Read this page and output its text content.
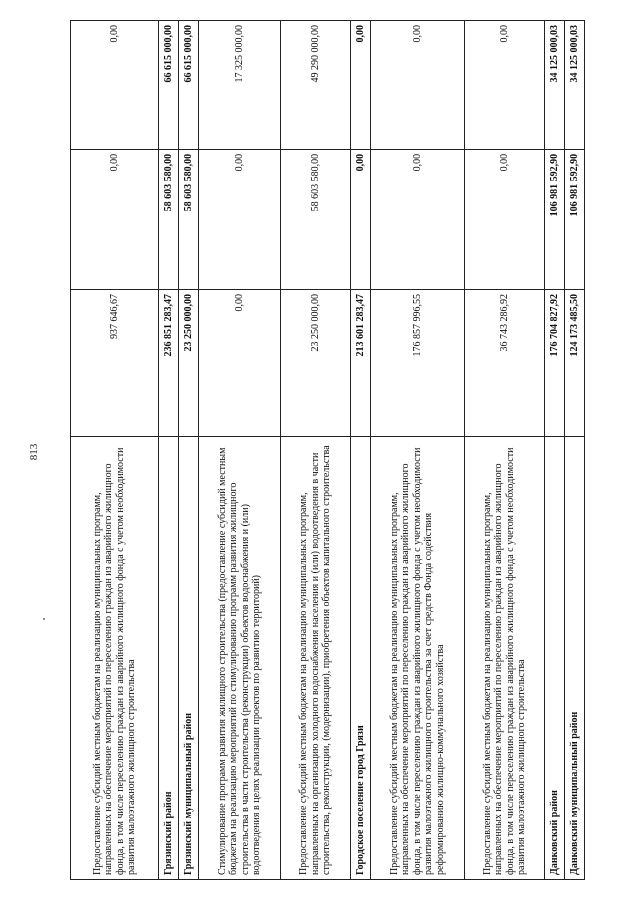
813
Предоставление субсидий местным бюджетам на реализацию муниципальных программ, направленных на обеспечение мероприятий по переселению граждан из аварийного жилищного фонда, в том числе переселению граждан из аварийного жилищного фонда с учетом необходимости развития малоэтажного жилищного строительства	937 646,67	0,00	0,00
Грязинский район	236 851 283,47	58 603 580,00	66 615 000,00
Грязинский муниципальный район	23 250 000,00	58 603 580,00	66 615 000,00
Стимулирование программ развития жилищного строительства (предоставление субсидий местным бюджетам на реализацию мероприятий по стимулированию программ развития жилищного строительства в части строительства (реконструкции) объектов водоснабжения и (или) водоотведения в целях реализации проектов по развитию территорий)	0,00	0,00	17 325 000,00
Предоставление субсидий местным бюджетам на реализацию муниципальных программ, направленных на организацию холодного водоснабжения населения и (или) водоотведения в части строительства, реконструкции, (модернизации), приобретения объектов капитального строительства	23 250 000,00	58 603 580,00	49 290 000,00
Городское поселение город Грязи	213 601 283,47	0,00	0,00
Предоставление субсидий местным бюджетам на реализацию муниципальных программ, направленных на обеспечение мероприятий по переселению граждан из аварийного жилищного фонда, в том числе переселению граждан из аварийного жилищного фонда с учетом необходимости развития малоэтажного жилищного строительства за счет средств Фонда содействия реформированию жилищно-коммунального хозяйства	176 857 996,55	0,00	0,00
Предоставление субсидий местным бюджетам на реализацию муниципальных программ, направленных на обеспечение мероприятий по переселению граждан из аварийного жилищного фонда, в том числе переселению граждан из аварийного жилищного фонда с учетом необходимости развития малоэтажного жилищного строительства	36 743 286,92	0,00	0,00
Данковский район	176 704 827,92	106 981 592,90	34 125 000,03
Данковский муниципальный район	124 173 485,50	106 981 592,90	34 125 000,03
